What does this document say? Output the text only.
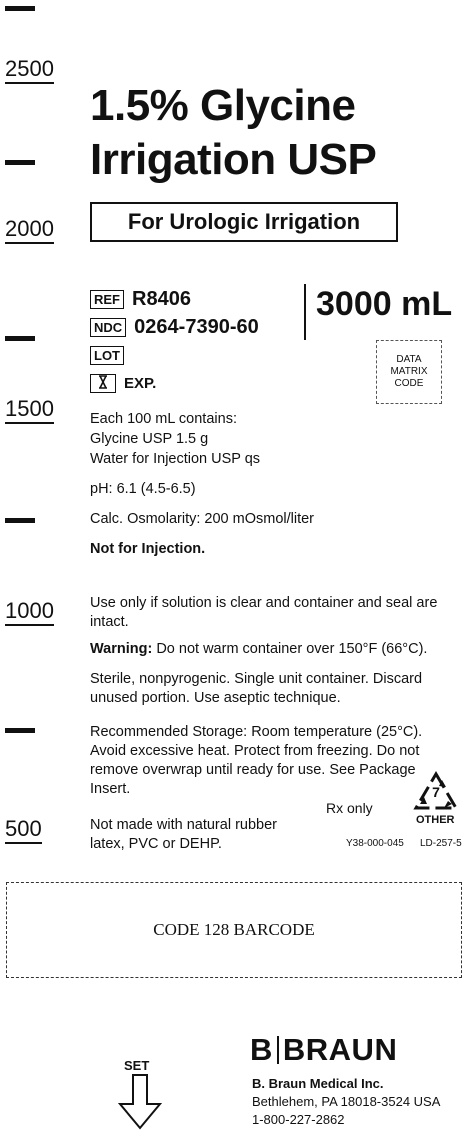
2500
2000
1500
1000
500
1.5% Glycine
Irrigation USP
For Urologic Irrigation
REF R8406
NDC 0264-7390-60
LOT
EXP.
3000 mL
DATA MATRIX CODE
Each 100 mL contains:
Glycine USP 1.5 g
Water for Injection USP qs
pH: 6.1 (4.5-6.5)
Calc. Osmolarity: 200 mOsmol/liter
Not for Injection.
Use only if solution is clear and container and seal are intact.
Warning: Do not warm container over 150°F (66°C).
Sterile, nonpyrogenic. Single unit container. Discard unused portion. Use aseptic technique.
Recommended Storage: Room temperature (25°C). Avoid excessive heat. Protect from freezing. Do not remove overwrap until ready for use. See Package Insert.
Not made with natural rubber latex, PVC or DEHP.
Rx only
7
OTHER
Y38-000-045 LD-257-5
CODE 128 BARCODE
SET	B BRAUN
B. Braun Medical Inc.
Bethlehem, PA 18018-3524 USA
1-800-227-2862
